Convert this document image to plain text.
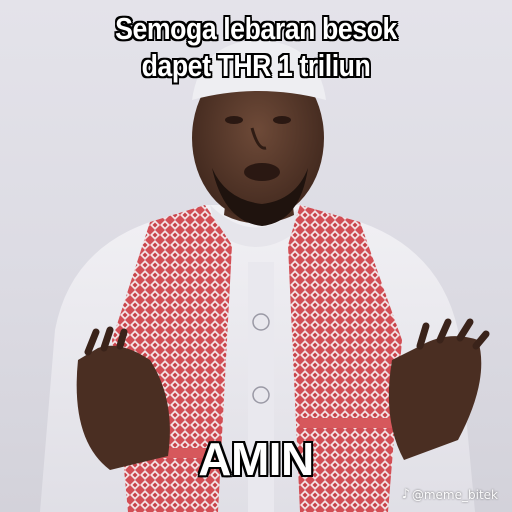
Semoga lebaran besok
dapet THR 1 triliun
AMIN
♪ @meme_bitek
